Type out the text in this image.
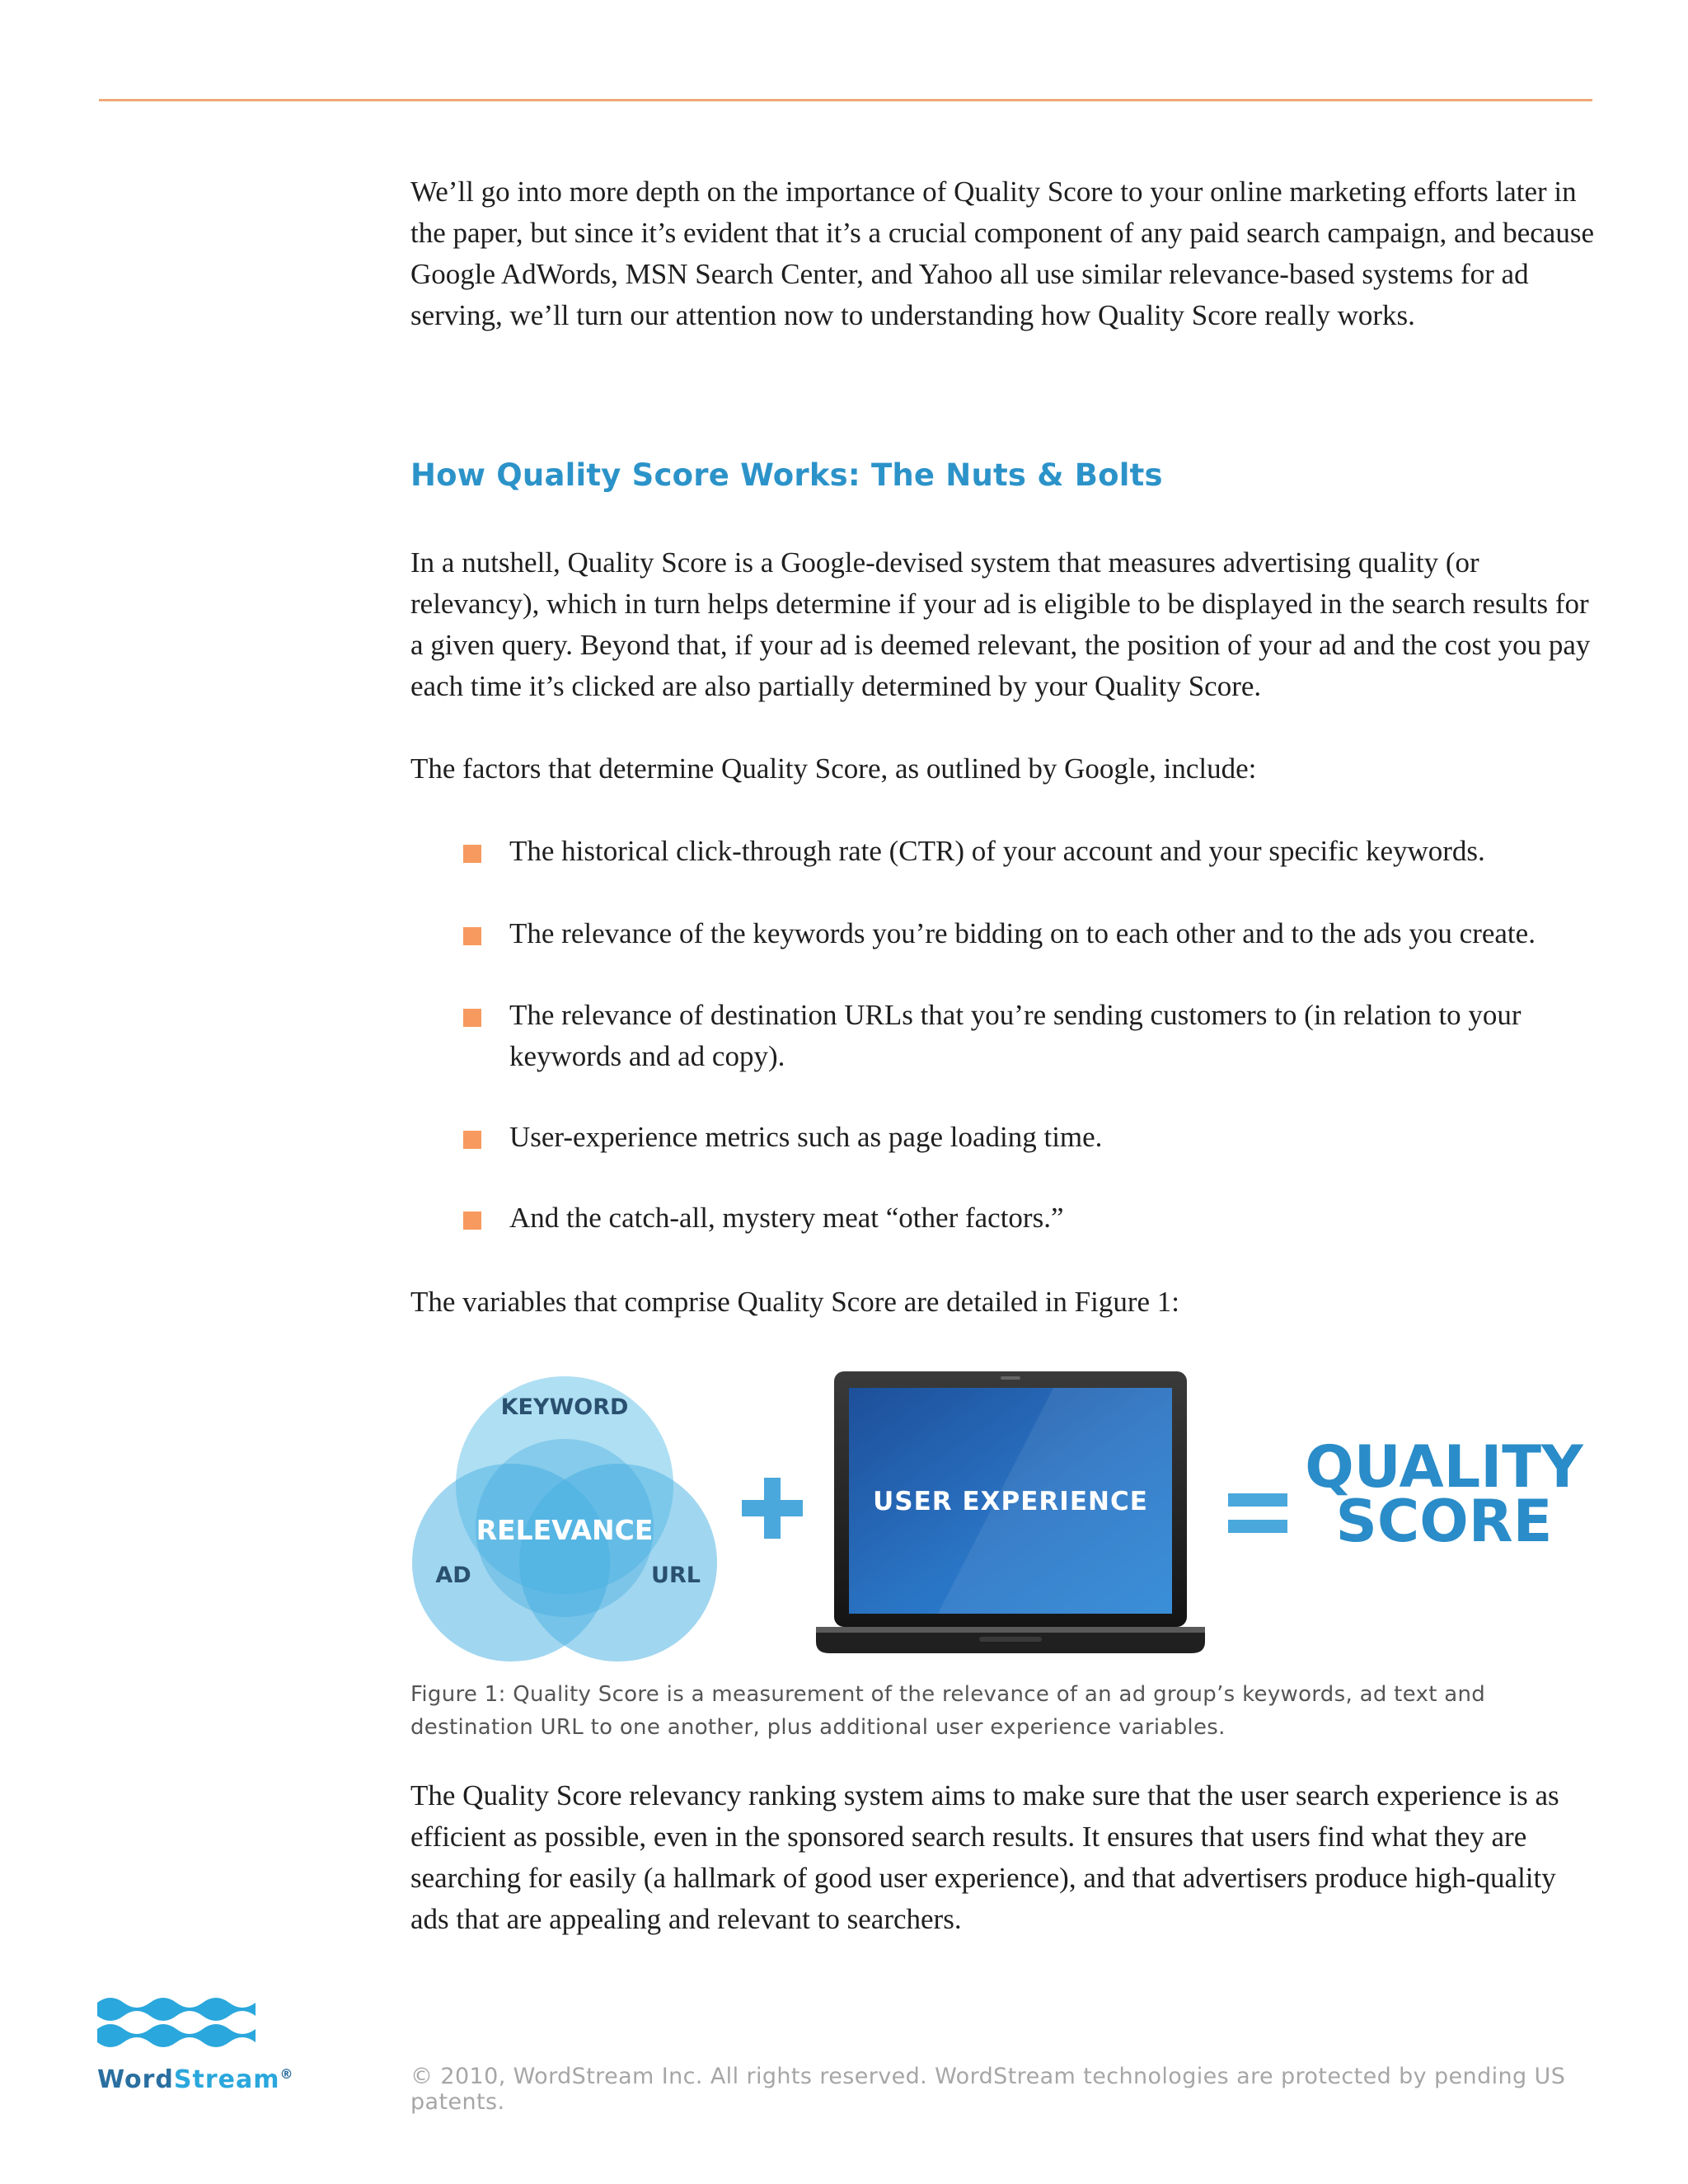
We’ll go into more depth on the importance of Quality Score to your online marketing efforts later in the paper, but since it’s evident that it’s a crucial component of any paid search campaign, and because Google AdWords, MSN Search Center, and Yahoo all use similar relevance-based systems for ad serving, we’ll turn our attention now to understanding how Quality Score really works.

How Quality Score Works: The Nuts & Bolts

In a nutshell, Quality Score is a Google-devised system that measures advertising quality (or relevancy), which in turn helps determine if your ad is eligible to be displayed in the search results for a given query. Beyond that, if your ad is deemed relevant, the position of your ad and the cost you pay each time it’s clicked are also partially determined by your Quality Score.

The factors that determine Quality Score, as outlined by Google, include:

The historical click-through rate (CTR) of your account and your specific keywords.
The relevance of the keywords you’re bidding on to each other and to the ads you create.
The relevance of destination URLs that you’re sending customers to (in relation to your keywords and ad copy).
User-experience metrics such as page loading time.
And the catch-all, mystery meat “other factors.”

The variables that comprise Quality Score are detailed in Figure 1:

KEYWORD
RELEVANCE
AD	URL
USER EXPERIENCE
QUALITY
SCORE
Figure 1: Quality Score is a measurement of the relevance of an ad group’s keywords, ad text and destination URL to one another, plus additional user experience variables.

The Quality Score relevancy ranking system aims to make sure that the user search experience is as efficient as possible, even in the sponsored search results. It ensures that users find what they are searching for easily (a hallmark of good user experience), and that advertisers produce high-quality ads that are appealing and relevant to searchers.

WordStream®	© 2010, WordStream Inc. All rights reserved. WordStream technologies are protected by pending US patents.
